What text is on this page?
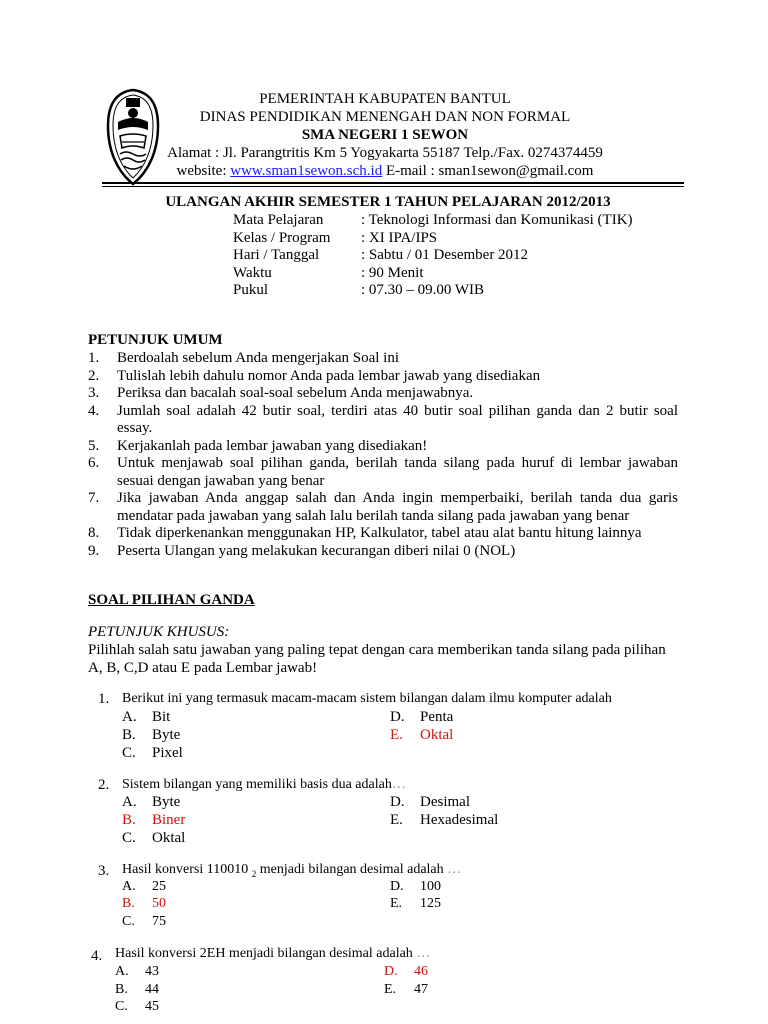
PEMERINTAH KABUPATEN BANTUL
DINAS PENDIDIKAN MENENGAH DAN NON FORMAL
SMA NEGERI 1 SEWON
Alamat : Jl. Parangtritis Km 5 Yogyakarta 55187 Telp./Fax. 0274374459
website: www.sman1sewon.sch.id E-mail : sman1sewon@gmail.com
ULANGAN AKHIR SEMESTER 1 TAHUN PELAJARAN 2012/2013
Mata Pelajaran	: Teknologi Informasi dan Komunikasi (TIK)
Kelas / Program	: XI IPA/IPS
Hari / Tanggal	: Sabtu / 01 Desember 2012
Waktu	: 90 Menit
Pukul	: 07.30 – 09.00 WIB
PETUNJUK UMUM
1.	Berdoalah sebelum Anda mengerjakan Soal ini
2.	Tulislah lebih dahulu nomor Anda pada lembar jawab yang disediakan
3.	Periksa dan bacalah soal-soal sebelum Anda menjawabnya.
4.	Jumlah soal adalah 42 butir soal, terdiri atas 40 butir soal pilihan ganda dan 2 butir soal essay.
5.	Kerjakanlah pada lembar jawaban yang disediakan!
6.	Untuk menjawab soal pilihan ganda, berilah tanda silang pada huruf di lembar jawaban sesuai dengan jawaban yang benar
7.	Jika jawaban Anda anggap salah dan Anda ingin memperbaiki, berilah tanda dua garis mendatar pada jawaban yang salah lalu berilah tanda silang pada jawaban yang benar
8.	Tidak diperkenankan menggunakan HP, Kalkulator, tabel atau alat bantu hitung lainnya
9.	Peserta Ulangan yang melakukan kecurangan diberi nilai 0 (NOL)
SOAL PILIHAN GANDA
PETUNJUK KHUSUS:
Pilihlah salah satu jawaban yang paling tepat dengan cara memberikan tanda silang pada pilihan A, B, C,D atau E pada Lembar jawab!
1. Berikut ini yang termasuk macam-macam sistem bilangan dalam ilmu komputer adalah
A. Bit
B. Byte
C. Pixel
D. Penta
E. Oktal
2. Sistem bilangan yang memiliki basis dua adalah…
A. Byte
B. Biner
C. Oktal
D. Desimal
E. Hexadesimal
3. Hasil konversi 110010 $_2$ menjadi bilangan desimal adalah …
A. 25
B. 50
C. 75
D. 100
E. 125
4. Hasil konversi 2EH menjadi bilangan desimal adalah …
A. 43
B. 44
C. 45
D. 46
E. 47
